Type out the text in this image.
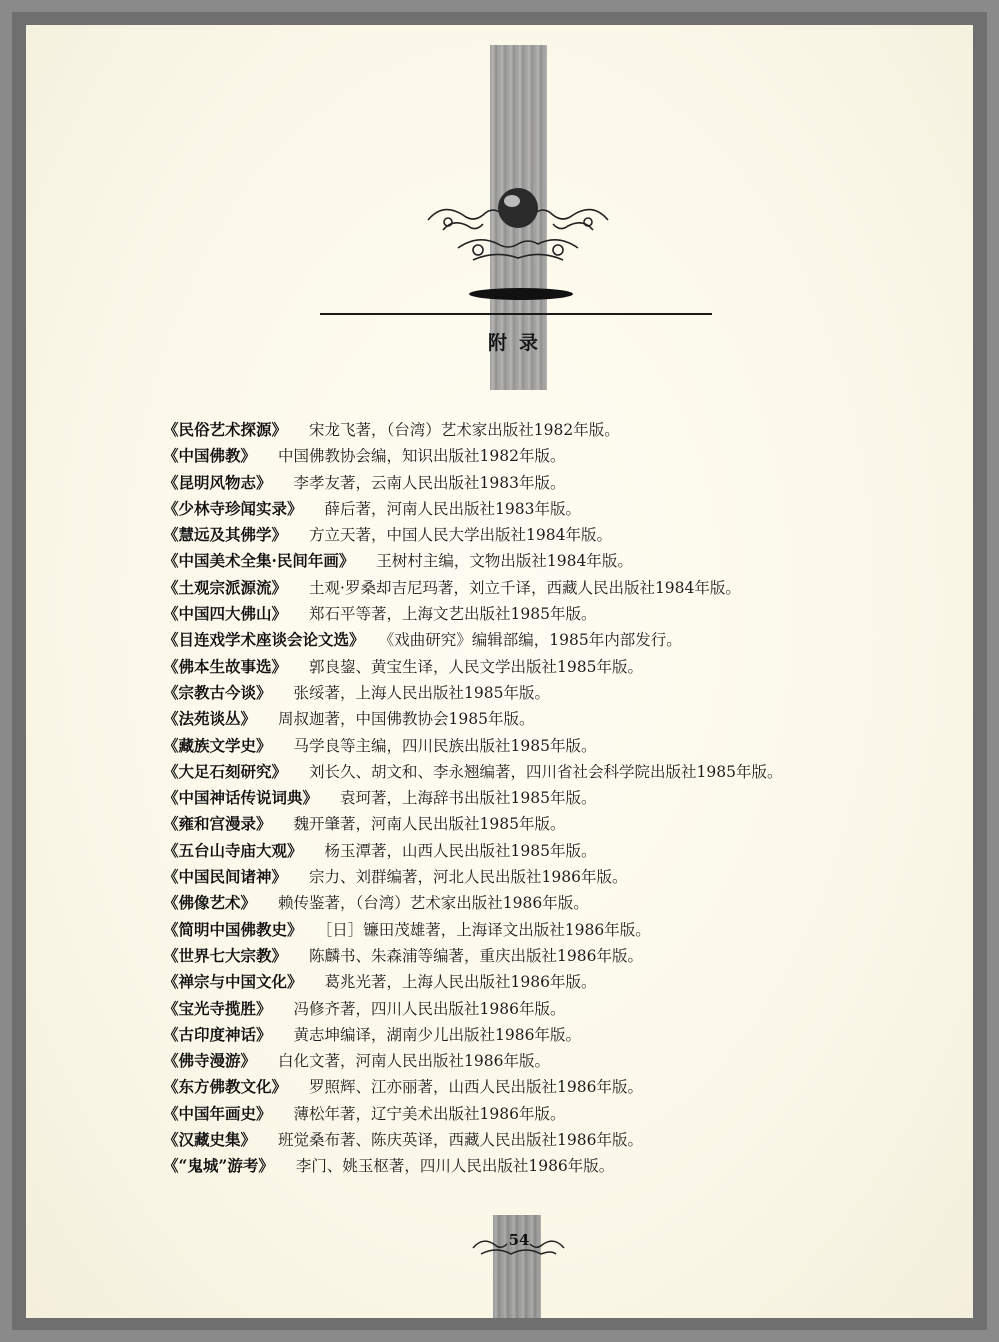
附录
《民俗艺术探源》 宋龙飞著，（台湾）艺术家出版社1982年版。
《中国佛教》 中国佛教协会编，知识出版社1982年版。
《昆明风物志》 李孝友著，云南人民出版社1983年版。
《少林寺珍闻实录》 薛后著，河南人民出版社1983年版。
《慧远及其佛学》 方立天著，中国人民大学出版社1984年版。
《中国美术全集·民间年画》 王树村主编，文物出版社1984年版。
《土观宗派源流》 土观·罗桑却吉尼玛著，刘立千译，西藏人民出版社1984年版。
《中国四大佛山》 郑石平等著，上海文艺出版社1985年版。
《目连戏学术座谈会论文选》 《戏曲研究》编辑部编，1985年内部发行。
《佛本生故事选》 郭良鋆、黄宝生译，人民文学出版社1985年版。
《宗教古今谈》 张绥著，上海人民出版社1985年版。
《法苑谈丛》 周叔迦著，中国佛教协会1985年版。
《藏族文学史》 马学良等主编，四川民族出版社1985年版。
《大足石刻研究》 刘长久、胡文和、李永翘编著，四川省社会科学院出版社1985年版。
《中国神话传说词典》 袁珂著，上海辞书出版社1985年版。
《雍和宫漫录》 魏开肇著，河南人民出版社1985年版。
《五台山寺庙大观》 杨玉潭著，山西人民出版社1985年版。
《中国民间诸神》 宗力、刘群编著，河北人民出版社1986年版。
《佛像艺术》 赖传鉴著，（台湾）艺术家出版社1986年版。
《简明中国佛教史》 ［日］镰田茂雄著，上海译文出版社1986年版。
《世界七大宗教》 陈麟书、朱森浦等编著，重庆出版社1986年版。
《禅宗与中国文化》 葛兆光著，上海人民出版社1986年版。
《宝光寺揽胜》 冯修齐著，四川人民出版社1986年版。
《古印度神话》 黄志坤编译，湖南少儿出版社1986年版。
《佛寺漫游》 白化文著，河南人民出版社1986年版。
《东方佛教文化》 罗照辉、江亦丽著，山西人民出版社1986年版。
《中国年画史》 薄松年著，辽宁美术出版社1986年版。
《汉藏史集》 班觉桑布著、陈庆英译，西藏人民出版社1986年版。
《“鬼城”游考》 李门、姚玉枢著，四川人民出版社1986年版。
54
